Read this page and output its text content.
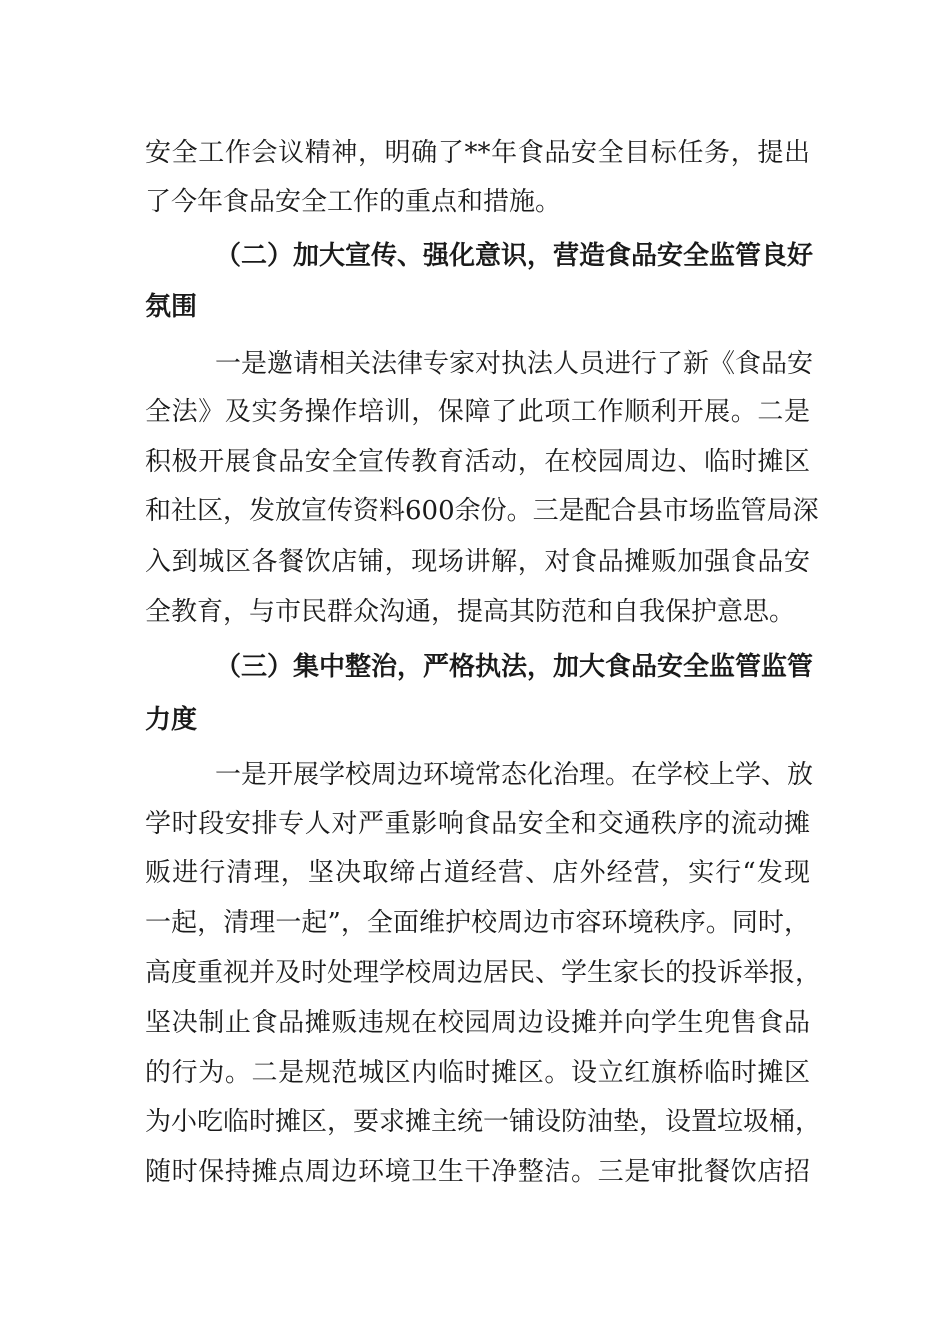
安全工作会议精神，明确了**年食品安全目标任务，提出
了今年食品安全工作的重点和措施。
（二）加大宣传、强化意识，营造食品安全监管良好
氛围
一是邀请相关法律专家对执法人员进行了新《食品安
全法》及实务操作培训，保障了此项工作顺利开展。二是
积极开展食品安全宣传教育活动，在校园周边、临时摊区
和社区，发放宣传资料600余份。三是配合县市场监管局深
入到城区各餐饮店铺，现场讲解，对食品摊贩加强食品安
全教育，与市民群众沟通，提高其防范和自我保护意思。
（三）集中整治，严格执法，加大食品安全监管监管
力度
一是开展学校周边环境常态化治理。在学校上学、放
学时段安排专人对严重影响食品安全和交通秩序的流动摊
贩进行清理，坚决取缔占道经营、店外经营，实行“发现
一起，清理一起”，全面维护校周边市容环境秩序。同时，
高度重视并及时处理学校周边居民、学生家长的投诉举报，
坚决制止食品摊贩违规在校园周边设摊并向学生兜售食品
的行为。二是规范城区内临时摊区。设立红旗桥临时摊区
为小吃临时摊区，要求摊主统一铺设防油垫，设置垃圾桶，
随时保持摊点周边环境卫生干净整洁。三是审批餐饮店招
